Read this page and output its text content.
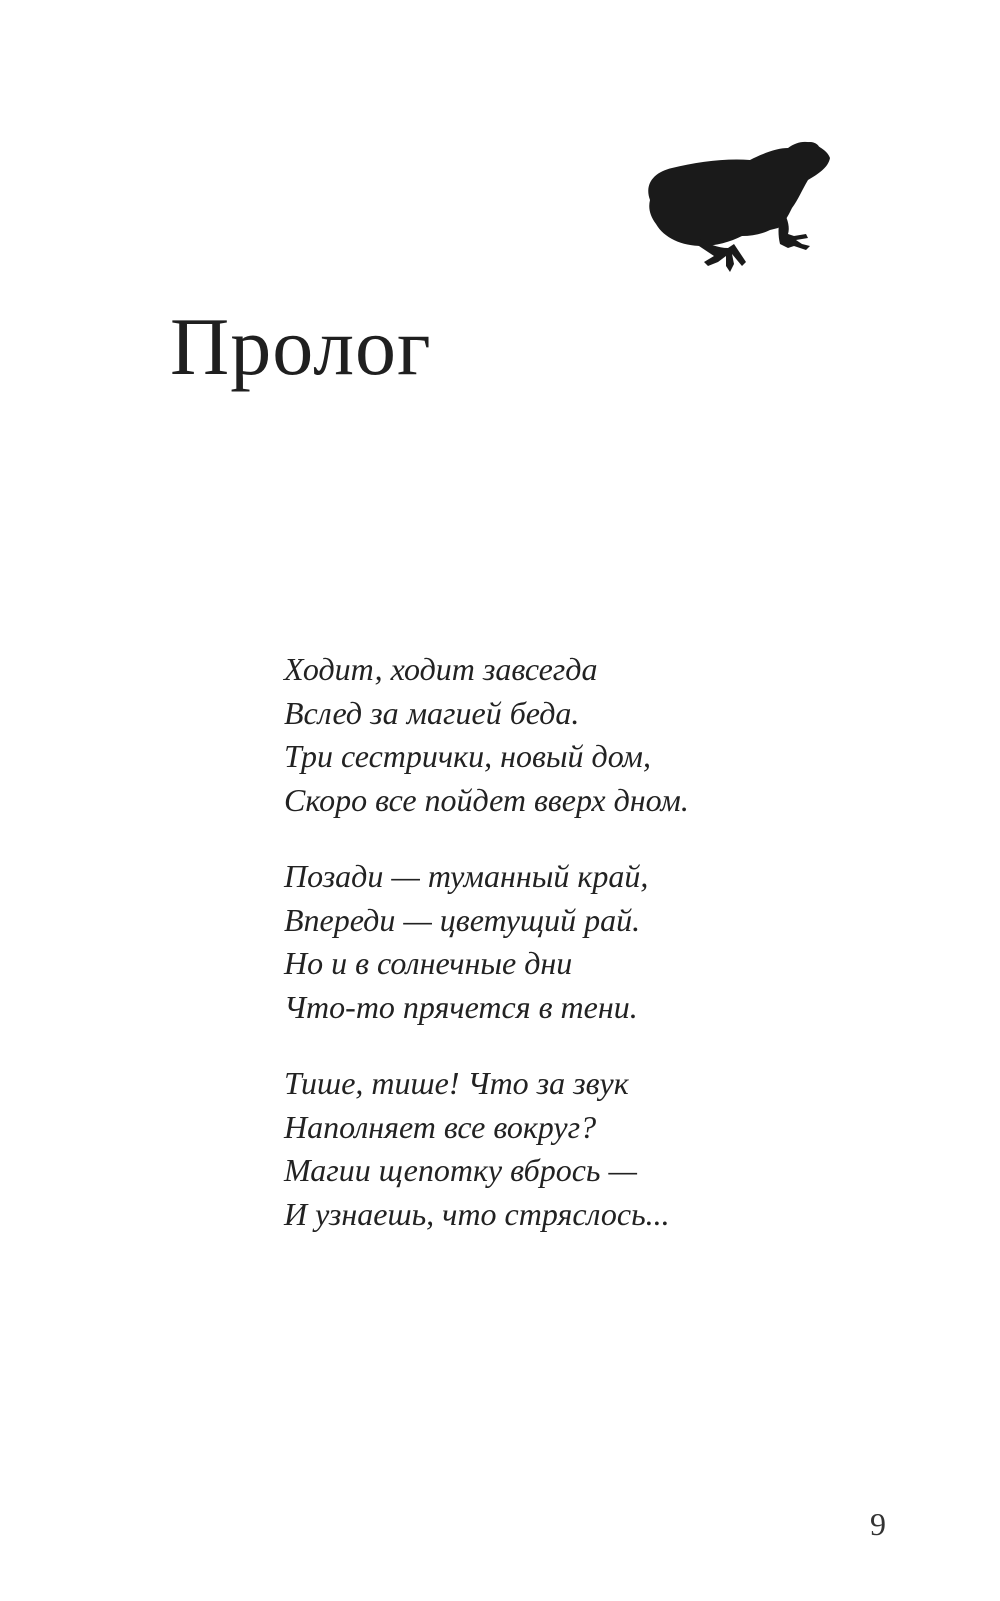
Пролог

Ходит, ходит завсегда
Вслед за магией беда.
Три сестрички, новый дом,
Скоро все пойдет вверх дном.

Позади — туманный край,
Впереди — цветущий рай.
Но и в солнечные дни
Что-то прячется в тени.

Тише, тише! Что за звук
Наполняет все вокруг?
Магии щепотку вбрось —
И узнаешь, что стряслось...

9
